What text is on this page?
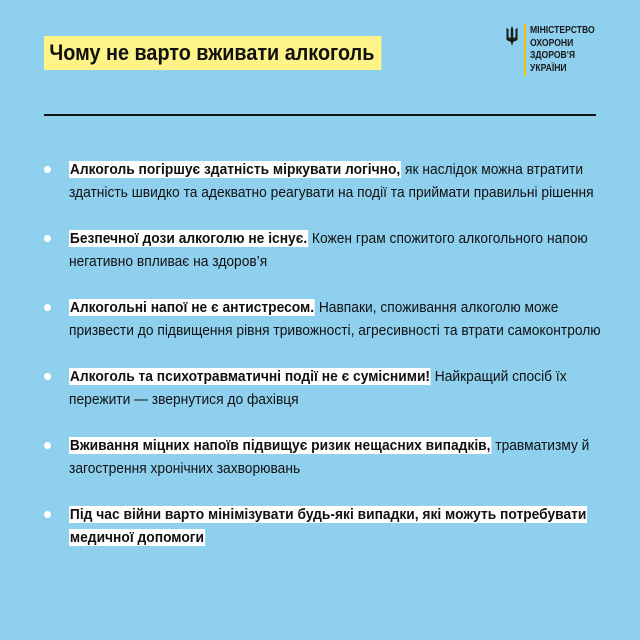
Чому не варто вживати алкоголь
МІНІСТЕРСТВО
ОХОРОНИ
ЗДОРОВ'Я
УКРАЇНИ
Алкоголь погіршує здатність міркувати логічно, як наслідок можна втратити здатність швидко та адекватно реагувати на події та приймати правильні рішення
Безпечної дози алкоголю не існує. Кожен грам спожитого алкогольного напою негативно впливає на здоров’я
Алкогольні напої не є антистресом. Навпаки, споживання алкоголю може призвести до підвищення рівня тривожності, агресивності та втрати самоконтролю
Алкоголь та психотравматичні події не є сумісними! Найкращий спосіб їх пережити — звернутися до фахівця
Вживання міцних напоїв підвищує ризик нещасних випадків, травматизму й загострення хронічних захворювань
Під час війни варто мінімізувати будь-які випадки, які можуть потребувати медичної допомоги
